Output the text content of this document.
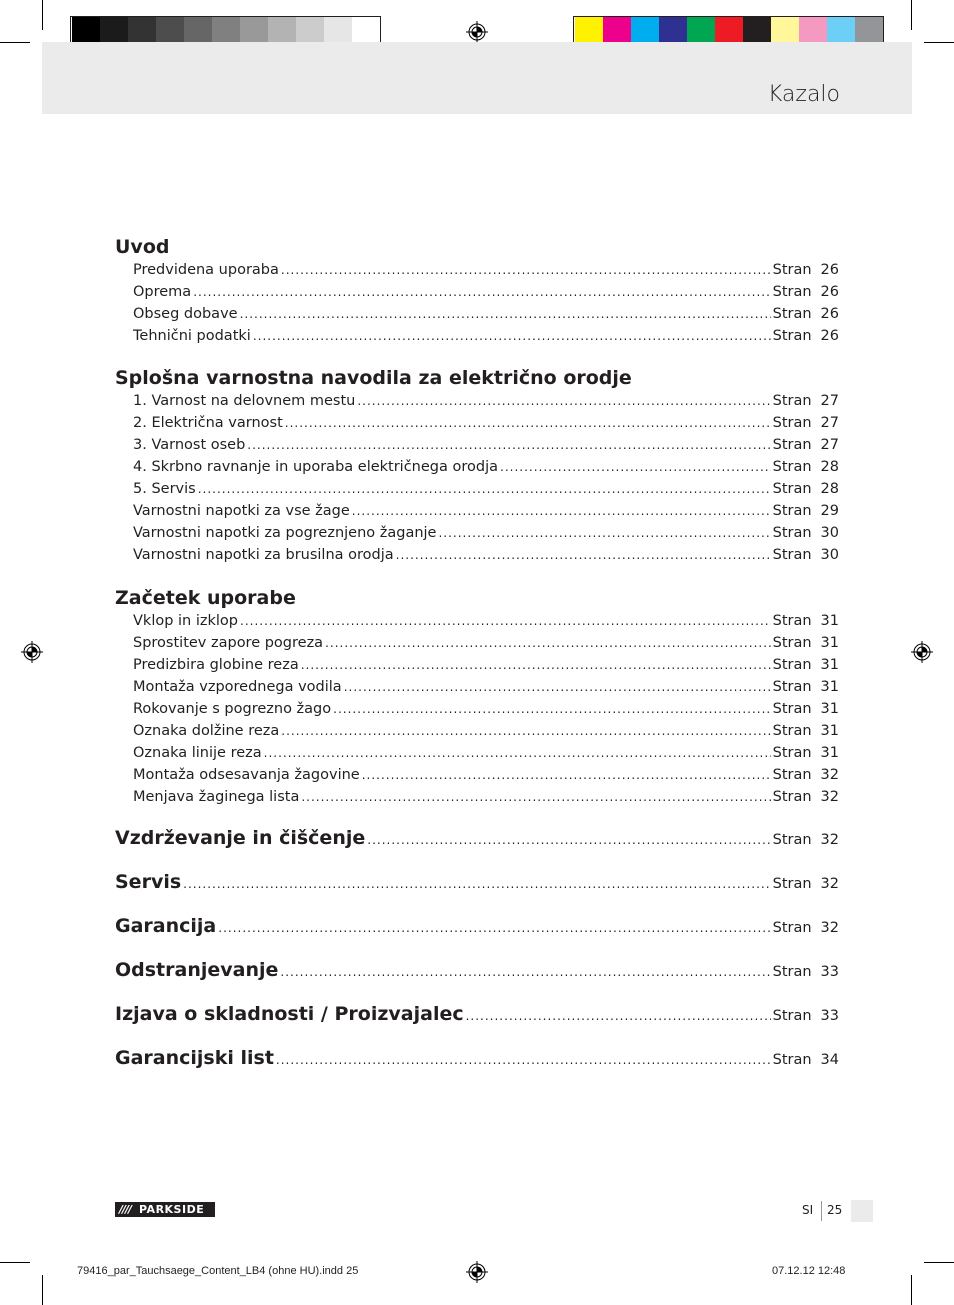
Kazalo
Uvod
Predvidena uporaba .....	Stran 26
Oprema .....	Stran 26
Obseg dobave .....	Stran 26
Tehnični podatki .....	Stran 26
Splošna varnostna navodila za električno orodje
1. Varnost na delovnem mestu .....	Stran 27
2. Električna varnost .....	Stran 27
3. Varnost oseb .....	Stran 27
4. Skrbno ravnanje in uporaba električnega orodja .....	Stran 28
5. Servis .....	Stran 28
Varnostni napotki za vse žage .....	Stran 29
Varnostni napotki za pogreznjeno žaganje .....	Stran 30
Varnostni napotki za brusilna orodja .....	Stran 30
Začetek uporabe
Vklop in izklop .....	Stran 31
Sprostitev zapore pogreza .....	Stran 31
Predizbira globine reza .....	Stran 31
Montaža vzporednega vodila .....	Stran 31
Rokovanje s pogrezno žago .....	Stran 31
Oznaka dolžine reza .....	Stran 31
Oznaka linije reza .....	Stran 31
Montaža odsesavanja žagovine .....	Stran 32
Menjava žaginega lista .....	Stran 32
Vzdrževanje in čiščenje .....	Stran 32
Servis .....	Stran 32
Garancija .....	Stran 32
Odstranjevanje .....	Stran 33
Izjava o skladnosti / Proizvajalec .....	Stran 33
Garancijski list .....	Stran 34
//// PARKSIDE	SI 25
79416_par_Tauchsaege_Content_LB4 (ohne HU).indd 25	07.12.12 12:48
